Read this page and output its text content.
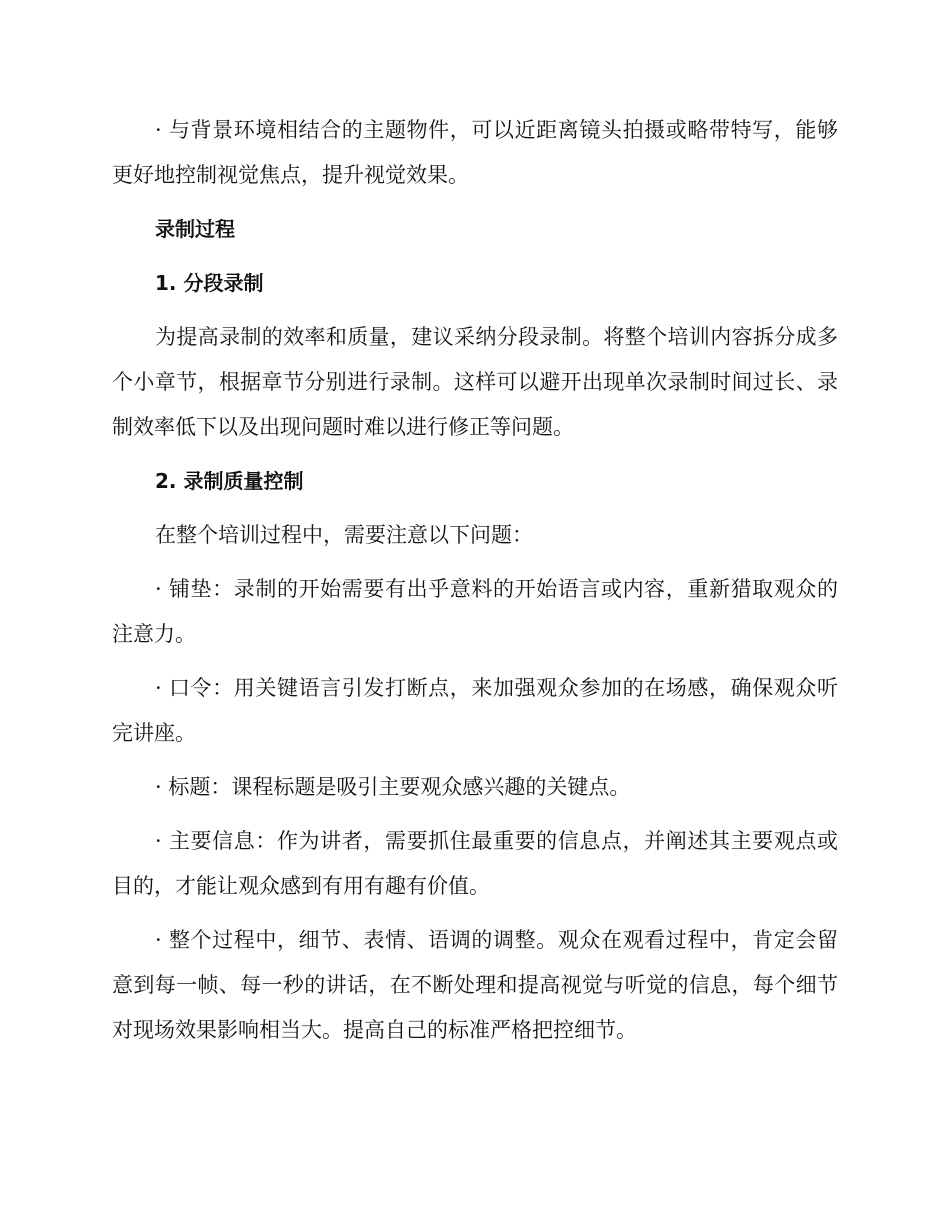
· 与背景环境相结合的主题物件，可以近距离镜头拍摄或略带特写，能够更好地控制视觉焦点，提升视觉效果。

录制过程

1. 分段录制

为提高录制的效率和质量，建议采纳分段录制。将整个培训内容拆分成多个小章节，根据章节分别进行录制。这样可以避开出现单次录制时间过长、录制效率低下以及出现问题时难以进行修正等问题。

2. 录制质量控制

在整个培训过程中，需要注意以下问题：

· 铺垫：录制的开始需要有出乎意料的开始语言或内容，重新猎取观众的注意力。

· 口令：用关键语言引发打断点，来加强观众参加的在场感，确保观众听完讲座。

· 标题：课程标题是吸引主要观众感兴趣的关键点。

· 主要信息：作为讲者，需要抓住最重要的信息点，并阐述其主要观点或目的，才能让观众感到有用有趣有价值。

· 整个过程中，细节、表情、语调的调整。观众在观看过程中，肯定会留意到每一帧、每一秒的讲话，在不断处理和提高视觉与听觉的信息，每个细节对现场效果影响相当大。提高自己的标准严格把控细节。
